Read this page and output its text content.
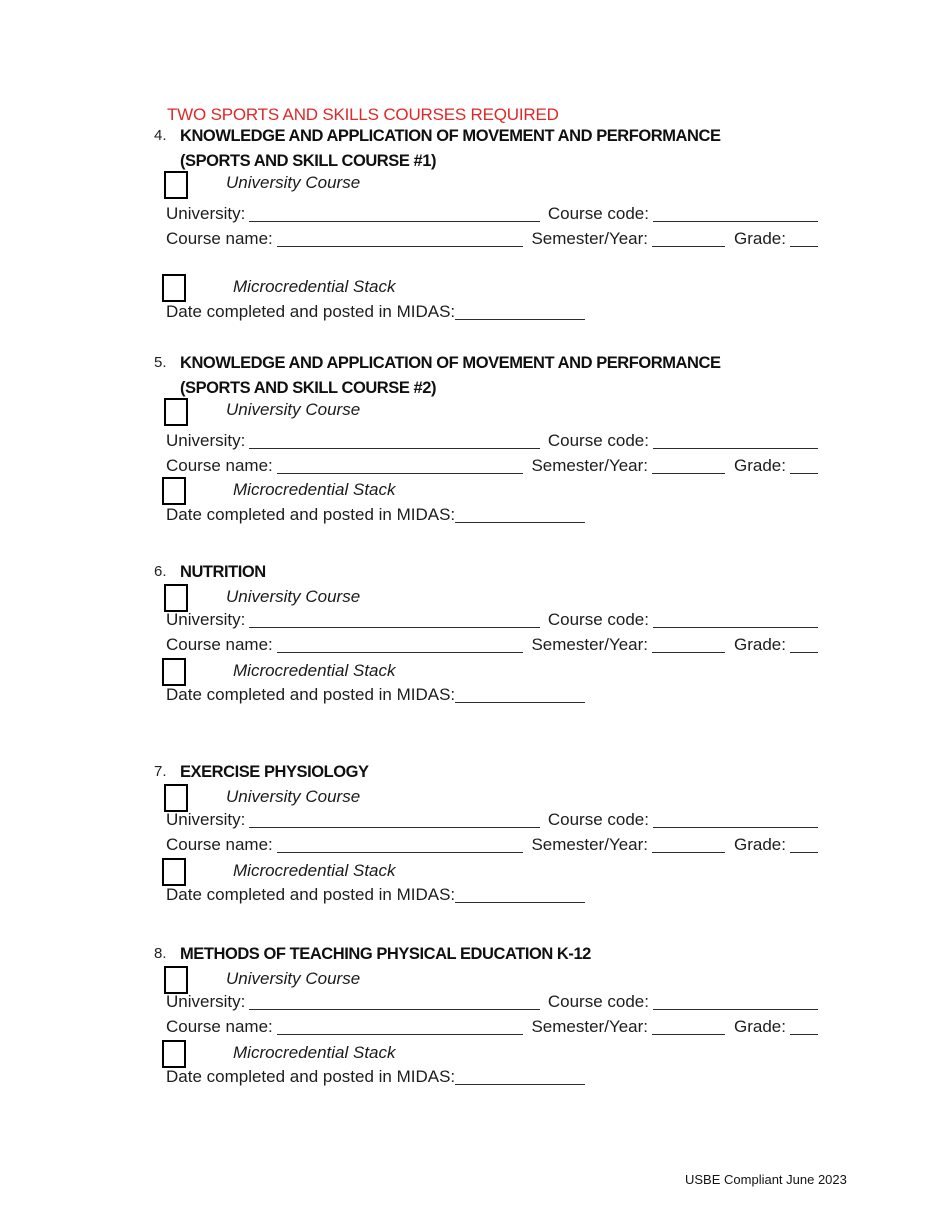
TWO SPORTS AND SKILLS COURSES REQUIRED
4. KNOWLEDGE AND APPLICATION OF MOVEMENT AND PERFORMANCE
(SPORTS AND SKILL COURSE #1)
University Course
University:	Course code:
Course name:	Semester/Year:	Grade:
Microcredential Stack
Date completed and posted in MIDAS:
5. KNOWLEDGE AND APPLICATION OF MOVEMENT AND PERFORMANCE
(SPORTS AND SKILL COURSE #2)
University Course
University:	Course code:
Course name:	Semester/Year:	Grade:
Microcredential Stack
Date completed and posted in MIDAS:
6. NUTRITION
University Course
University:	Course code:
Course name:	Semester/Year:	Grade:
Microcredential Stack
Date completed and posted in MIDAS:
7. EXERCISE PHYSIOLOGY
University Course
University:	Course code:
Course name:	Semester/Year:	Grade:
Microcredential Stack
Date completed and posted in MIDAS:
8. METHODS OF TEACHING PHYSICAL EDUCATION K-12
University Course
University:	Course code:
Course name:	Semester/Year:	Grade:
Microcredential Stack
Date completed and posted in MIDAS:
USBE Compliant June 2023
